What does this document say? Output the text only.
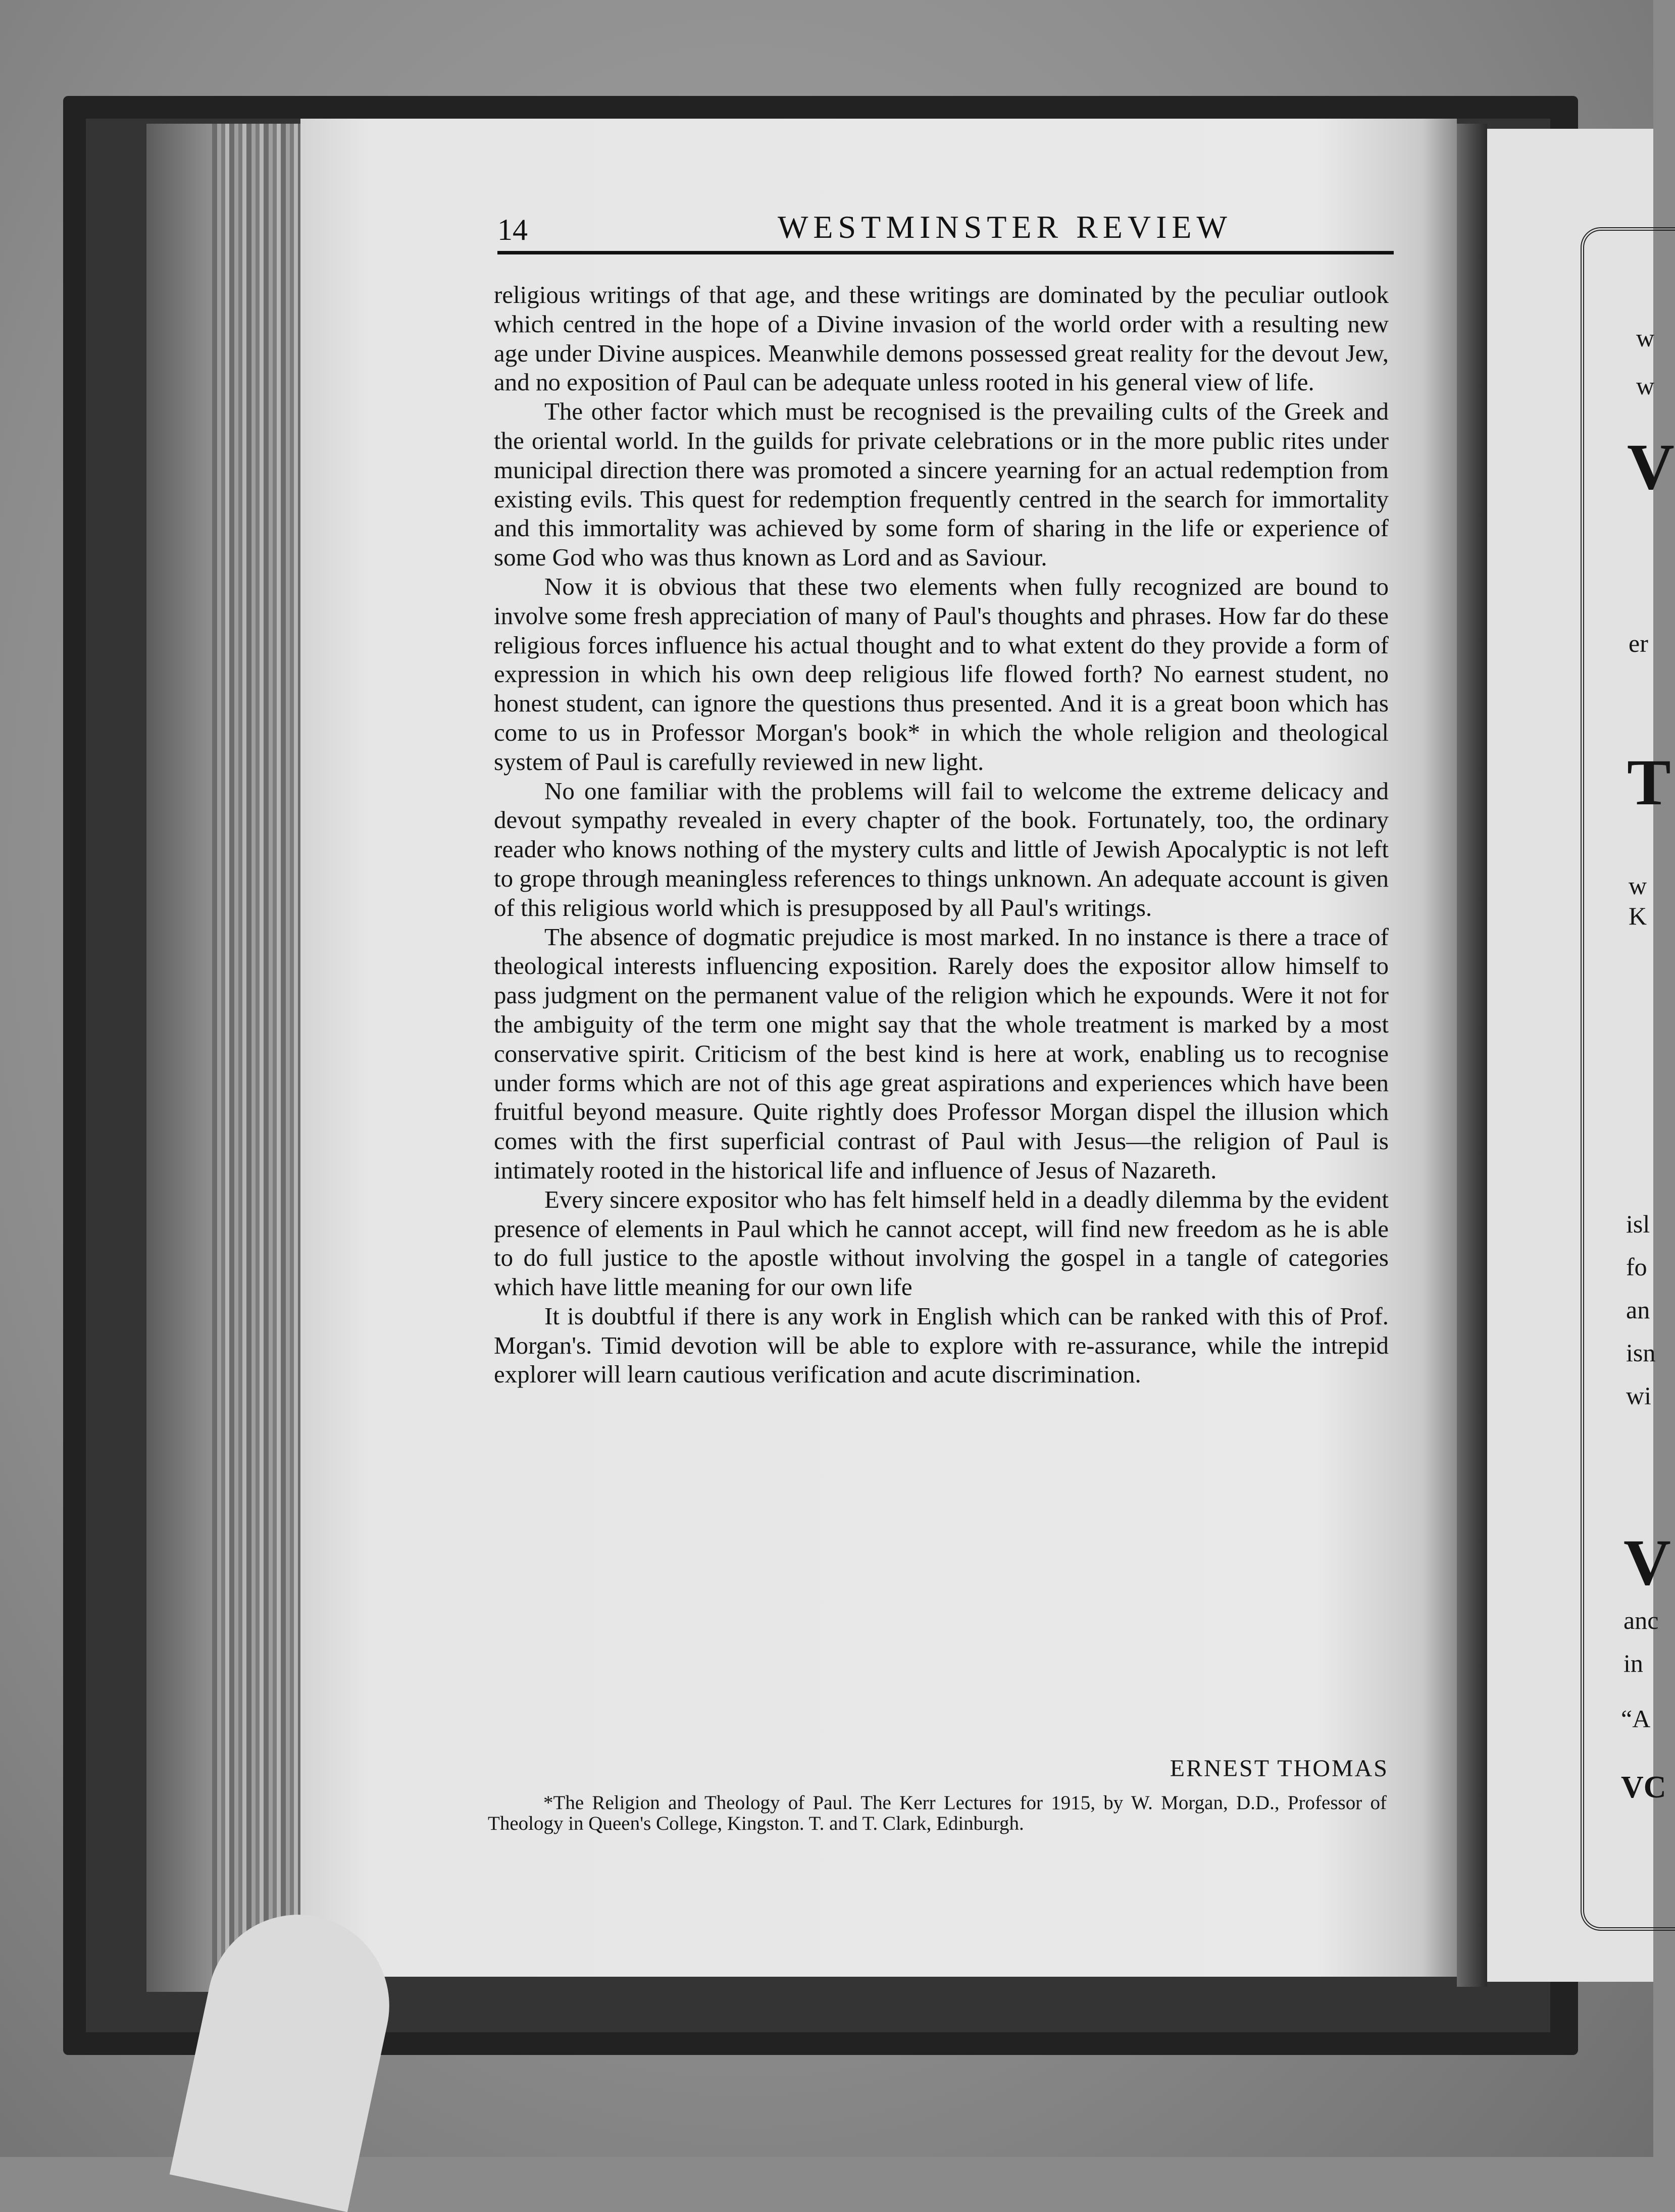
14	WESTMINSTER REVIEW

religious writings of that age, and these writings are dominated by the peculiar outlook which centred in the hope of a Divine invasion of the world order with a resulting new age under Divine auspices. Meanwhile demons possessed great reality for the devout Jew, and no exposition of Paul can be adequate unless rooted in his general view of life.

The other factor which must be recognised is the prevailing cults of the Greek and the oriental world. In the guilds for private celebrations or in the more public rites under municipal direction there was promoted a sincere yearning for an actual redemption from existing evils. This quest for redemption frequently centred in the search for immortality and this immortality was achieved by some form of sharing in the life or experience of some God who was thus known as Lord and as Saviour.

Now it is obvious that these two elements when fully recognized are bound to involve some fresh appreciation of many of Paul's thoughts and phrases. How far do these religious forces influence his actual thought and to what extent do they provide a form of expression in which his own deep religious life flowed forth? No earnest student, no honest student, can ignore the questions thus presented. And it is a great boon which has come to us in Professor Morgan's book* in which the whole religion and theological system of Paul is carefully reviewed in new light.

No one familiar with the problems will fail to welcome the extreme delicacy and devout sympathy revealed in every chapter of the book. Fortunately, too, the ordinary reader who knows nothing of the mystery cults and little of Jewish Apocalyptic is not left to grope through meaningless references to things unknown. An adequate account is given of this religious world which is presupposed by all Paul's writings.

The absence of dogmatic prejudice is most marked. In no instance is there a trace of theological interests influencing exposition. Rarely does the expositor allow himself to pass judgment on the permanent value of the religion which he expounds. Were it not for the ambiguity of the term one might say that the whole treatment is marked by a most conservative spirit. Criticism of the best kind is here at work, enabling us to recognise under forms which are not of this age great aspirations and experiences which have been fruitful beyond measure. Quite rightly does Professor Morgan dispel the illusion which comes with the first superficial contrast of Paul with Jesus—the religion of Paul is intimately rooted in the historical life and influence of Jesus of Nazareth.

Every sincere expositor who has felt himself held in a deadly dilemma by the evident presence of elements in Paul which he cannot accept, will find new freedom as he is able to do full justice to the apostle without involving the gospel in a tangle of categories which have little meaning for our own life

It is doubtful if there is any work in English which can be ranked with this of Prof. Morgan's. Timid devotion will be able to explore with re-assurance, while the intrepid explorer will learn cautious verification and acute discrimination.

ERNEST THOMAS
*The Religion and Theology of Paul. The Kerr Lectures for 1915, by W. Morgan, D.D., Professor of Theology in Queen's College, Kingston. T. and T. Clark, Edinburgh.
w
w
V
er
T
w
K
isl
fo
an
isn
wi
V
anc
in
“A
VC
